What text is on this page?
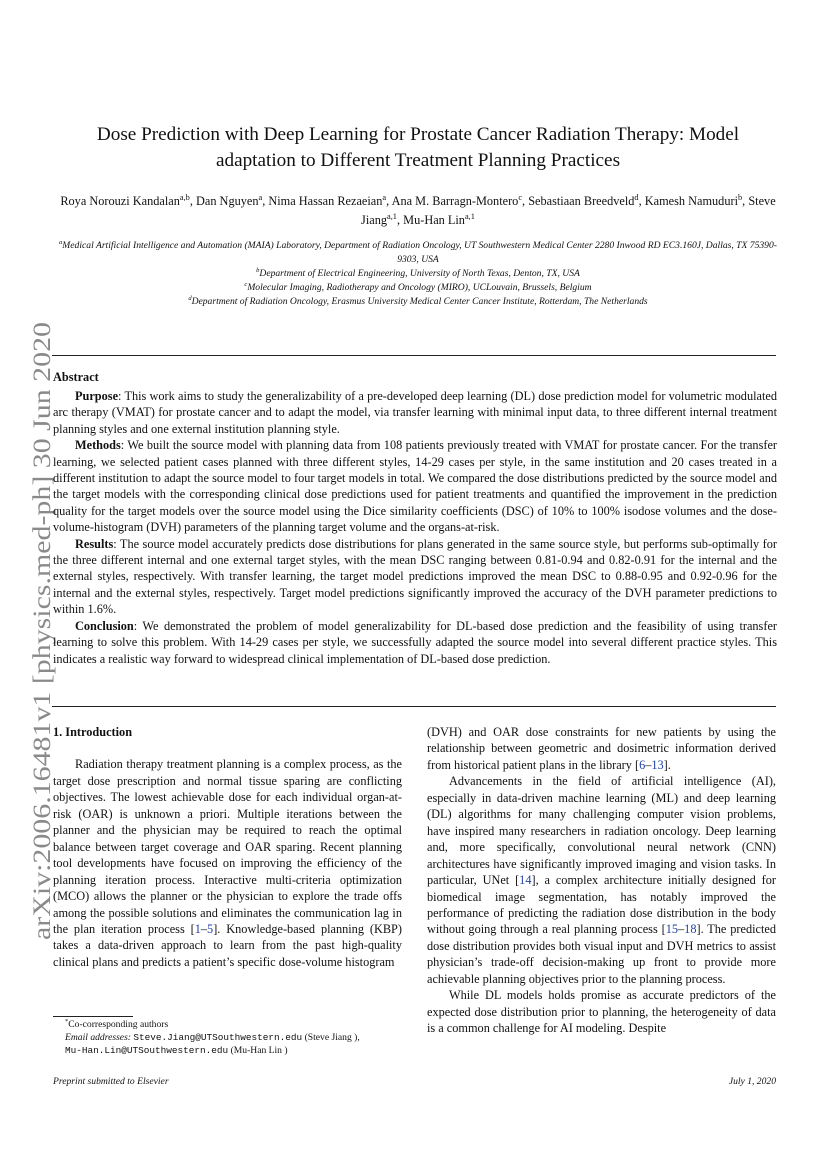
arXiv:2006.16481v1 [physics.med-ph] 30 Jun 2020
Dose Prediction with Deep Learning for Prostate Cancer Radiation Therapy: Model
adaptation to Different Treatment Planning Practices
Roya Norouzi Kandalan$^{a,b}$, Dan Nguyen$^a$, Nima Hassan Rezaeian$^a$, Ana M. Barragn-Montero$^c$, Sebastiaan Breedveld$^d$, Kamesh Namuduri$^b$, Steve Jiang$^{a,1}$, Mu-Han Lin$^{a,1}$
$^a$Medical Artificial Intelligence and Automation (MAIA) Laboratory, Department of Radiation Oncology, UT Southwestern Medical Center 2280 Inwood RD EC3.160J, Dallas, TX 75390-9303, USA
$^b$Department of Electrical Engineering, University of North Texas, Denton, TX, USA
$^c$Molecular Imaging, Radiotherapy and Oncology (MIRO), UCLouvain, Brussels, Belgium
$^d$Department of Radiation Oncology, Erasmus University Medical Center Cancer Institute, Rotterdam, The Netherlands
Abstract

Purpose: This work aims to study the generalizability of a pre-developed deep learning (DL) dose prediction model for volumetric modulated arc therapy (VMAT) for prostate cancer and to adapt the model, via transfer learning with minimal input data, to three different internal treatment planning styles and one external institution planning style.

Methods: We built the source model with planning data from 108 patients previously treated with VMAT for prostate cancer. For the transfer learning, we selected patient cases planned with three different styles, 14-29 cases per style, in the same institution and 20 cases treated in a different institution to adapt the source model to four target models in total. We compared the dose distributions predicted by the source model and the target models with the corresponding clinical dose predictions used for patient treatments and quantified the improvement in the prediction quality for the target models over the source model using the Dice similarity coefficients (DSC) of 10% to 100% isodose volumes and the dose-volume-histogram (DVH) parameters of the planning target volume and the organs-at-risk.

Results: The source model accurately predicts dose distributions for plans generated in the same source style, but performs sub-optimally for the three different internal and one external target styles, with the mean DSC ranging between 0.81-0.94 and 0.82-0.91 for the internal and the external styles, respectively. With transfer learning, the target model predictions improved the mean DSC to 0.88-0.95 and 0.92-0.96 for the internal and the external styles, respectively. Target model predictions significantly improved the accuracy of the DVH parameter predictions to within 1.6%.

Conclusion: We demonstrated the problem of model generalizability for DL-based dose prediction and the feasibility of using transfer learning to solve this problem. With 14-29 cases per style, we successfully adapted the source model into several different practice styles. This indicates a realistic way forward to widespread clinical implementation of DL-based dose prediction.

1. Introduction

Radiation therapy treatment planning is a complex process, as the target dose prescription and normal tissue sparing are conflicting objectives. The lowest achievable dose for each individual organ-at-risk (OAR) is unknown a priori. Multiple iterations between the planner and the physician may be required to reach the optimal balance between target coverage and OAR sparing. Recent planning tool developments have focused on improving the efficiency of the planning iteration process. Interactive multi-criteria optimization (MCO) allows the planner or the physician to explore the trade offs among the possible solutions and eliminates the communication lag in the plan iteration process [1–5]. Knowledge-based planning (KBP) takes a data-driven approach to learn from the past high-quality clinical plans and predicts a patient’s specific dose-volume histogram

*Co-corresponding authors
Email addresses: Steve.Jiang@UTSouthwestern.edu (Steve Jiang ),
Mu-Han.Lin@UTSouthwestern.edu (Mu-Han Lin )

(DVH) and OAR dose constraints for new patients by using the relationship between geometric and dosimetric information derived from historical patient plans in the library [6–13].

Advancements in the field of artificial intelligence (AI), especially in data-driven machine learning (ML) and deep learning (DL) algorithms for many challenging computer vision problems, have inspired many researchers in radiation oncology. Deep learning and, more specifically, convolutional neural network (CNN) architectures have significantly improved imaging and vision tasks. In particular, UNet [14], a complex architecture initially designed for biomedical image segmentation, has notably improved the performance of predicting the radiation dose distribution in the body without going through a real planning process [15–18]. The predicted dose distribution provides both visual input and DVH metrics to assist physician’s trade-off decision-making up front to provide more achievable planning objectives prior to the planning process.

While DL models holds promise as accurate predictors of the expected dose distribution prior to planning, the heterogeneity of data is a common challenge for AI modeling. Despite

Preprint submitted to Elsevier	July 1, 2020
